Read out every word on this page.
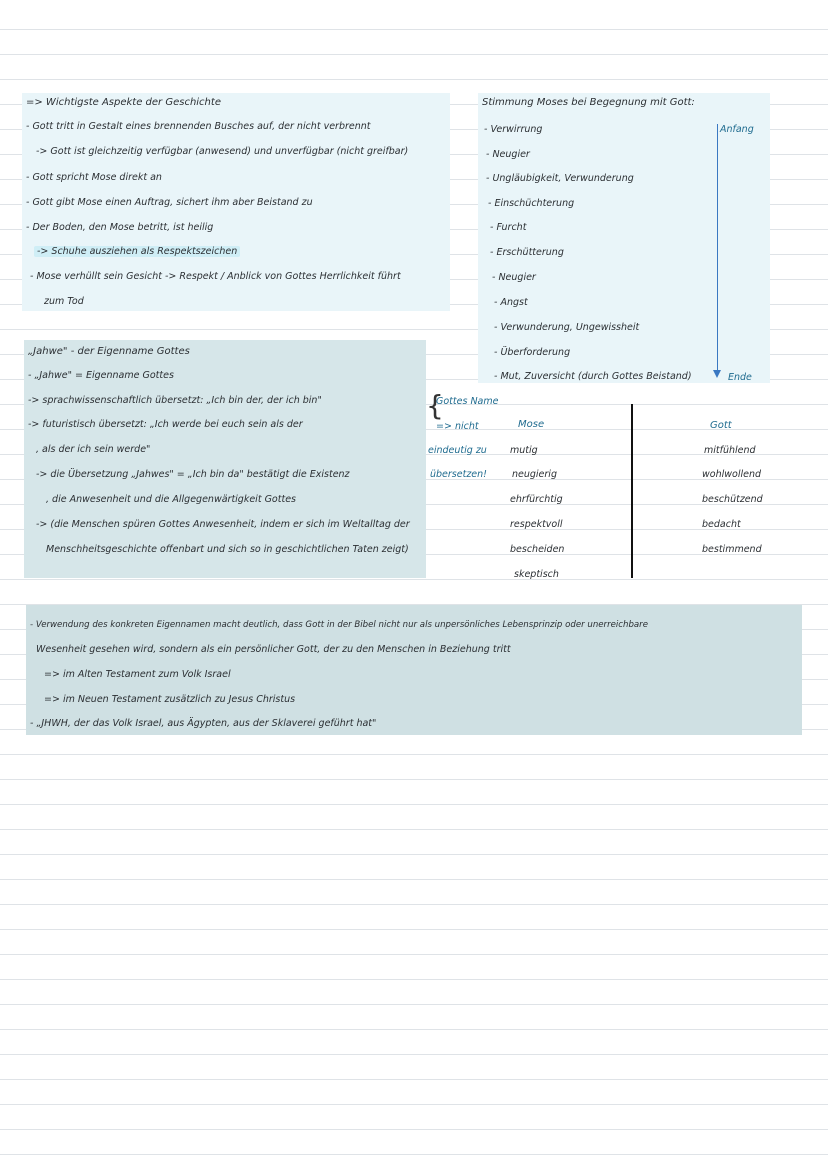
=> Wichtigste Aspekte der Geschichte
- Gott tritt in Gestalt eines brennenden Busches auf, der nicht verbrennt
-> Gott ist gleichzeitig verfügbar (anwesend) und unverfügbar (nicht greifbar)
- Gott spricht Mose direkt an
- Gott gibt Mose einen Auftrag, sichert ihm aber Beistand zu
- Der Boden, den Mose betritt, ist heilig
-> Schuhe ausziehen als Respektszeichen
- Mose verhüllt sein Gesicht -> Respekt / Anblick von Gottes Herrlichkeit führt
zum Tod
Stimmung Moses bei Begegnung mit Gott:
- Verwirrung
- Neugier
- Ungläubigkeit, Verwunderung
- Einschüchterung
- Furcht
- Erschütterung
- Neugier
- Angst
- Verwunderung, Ungewissheit
- Überforderung
- Mut, Zuversicht (durch Gottes Beistand)
Anfang
Ende
„Jahwe" - der Eigenname Gottes
- „Jahwe" = Eigenname Gottes
-> sprachwissenschaftlich übersetzt: „Ich bin der, der ich bin"
-> futuristisch übersetzt: „Ich werde bei euch sein als der
, als der ich sein werde"
-> die Übersetzung „Jahwes" = „Ich bin da" bestätigt die Existenz
, die Anwesenheit und die Allgegenwärtigkeit Gottes
-> (die Menschen spüren Gottes Anwesenheit, indem er sich im Weltalltag der
Menschheitsgeschichte offenbart und sich so in geschichtlichen Taten zeigt)
{
Gottes Name
=> nicht
eindeutig zu
übersetzen!
Mose
mutig
neugierig
ehrfürchtig
respektvoll
bescheiden
skeptisch
Gott
mitfühlend
wohlwollend
beschützend
bedacht
bestimmend
- Verwendung des konkreten Eigennamen macht deutlich, dass Gott in der Bibel nicht nur als unpersönliches Lebensprinzip oder unerreichbare
Wesenheit gesehen wird, sondern als ein persönlicher Gott, der zu den Menschen in Beziehung tritt
=> im Alten Testament zum Volk Israel
=> im Neuen Testament zusätzlich zu Jesus Christus
- „JHWH, der das Volk Israel, aus Ägypten, aus der Sklaverei geführt hat"
